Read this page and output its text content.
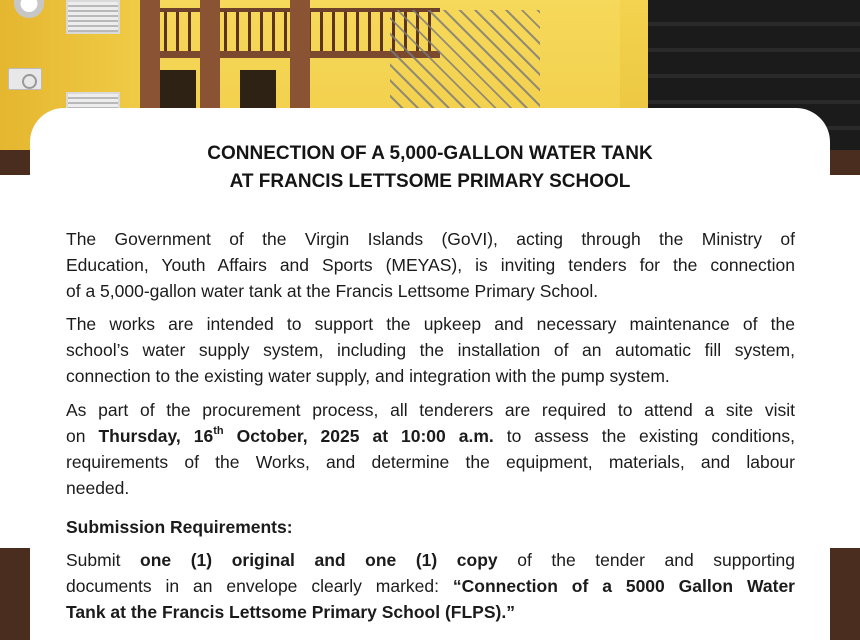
CONNECTION OF A 5,000-GALLON WATER TANK
AT FRANCIS LETTSOME PRIMARY SCHOOL
The Government of the Virgin Islands (GoVI), acting through the Ministry of
Education, Youth Affairs and Sports (MEYAS), is inviting tenders for the connection
of a 5,000-gallon water tank at the Francis Lettsome Primary School.
The works are intended to support the upkeep and necessary maintenance of the
school’s water supply system, including the installation of an automatic fill system,
connection to the existing water supply, and integration with the pump system.
As part of the procurement process, all tenderers are required to attend a site visit
on Thursday, 16th October, 2025 at 10:00 a.m. to assess the existing conditions,
requirements of the Works, and determine the equipment, materials, and labour
needed.
Submission Requirements:
Submit one (1) original and one (1) copy of the tender and supporting
documents in an envelope clearly marked: “Connection of a 5000 Gallon Water
Tank at the Francis Lettsome Primary School (FLPS).”
